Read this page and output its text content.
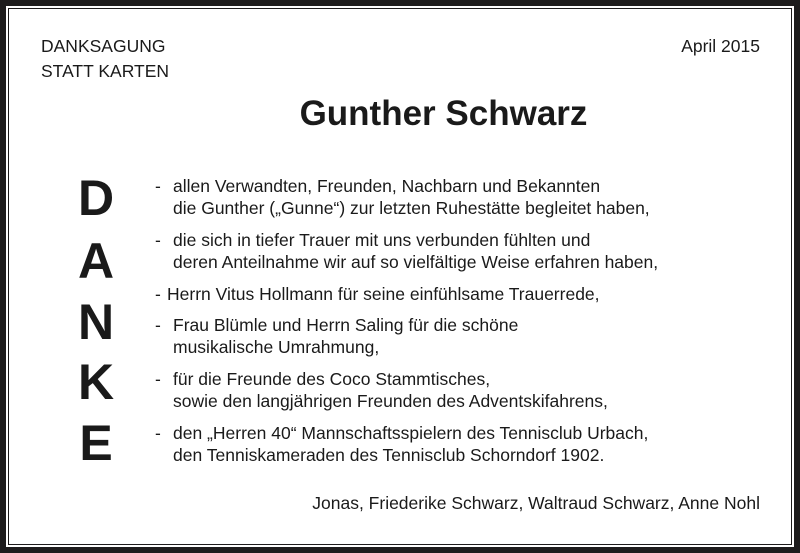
DANKSAGUNG
STATT KARTEN
April 2015
Gunther Schwarz
D
A
N
K
E
- allen Verwandten, Freunden, Nachbarn und Bekannten
die Gunther („Gunne“) zur letzten Ruhestätte begleitet haben,
- die sich in tiefer Trauer mit uns verbunden fühlten und
deren Anteilnahme wir auf so vielfältige Weise erfahren haben,
- Herrn Vitus Hollmann für seine einfühlsame Trauerrede,
- Frau Blümle und Herrn Saling für die schöne
musikalische Umrahmung,
- für die Freunde des Coco Stammtisches,
sowie den langjährigen Freunden des Adventskifahrens,
- den „Herren 40“ Mannschaftsspielern des Tennisclub Urbach,
den Tenniskameraden des Tennisclub Schorndorf 1902.
Jonas, Friederike Schwarz, Waltraud Schwarz, Anne Nohl
